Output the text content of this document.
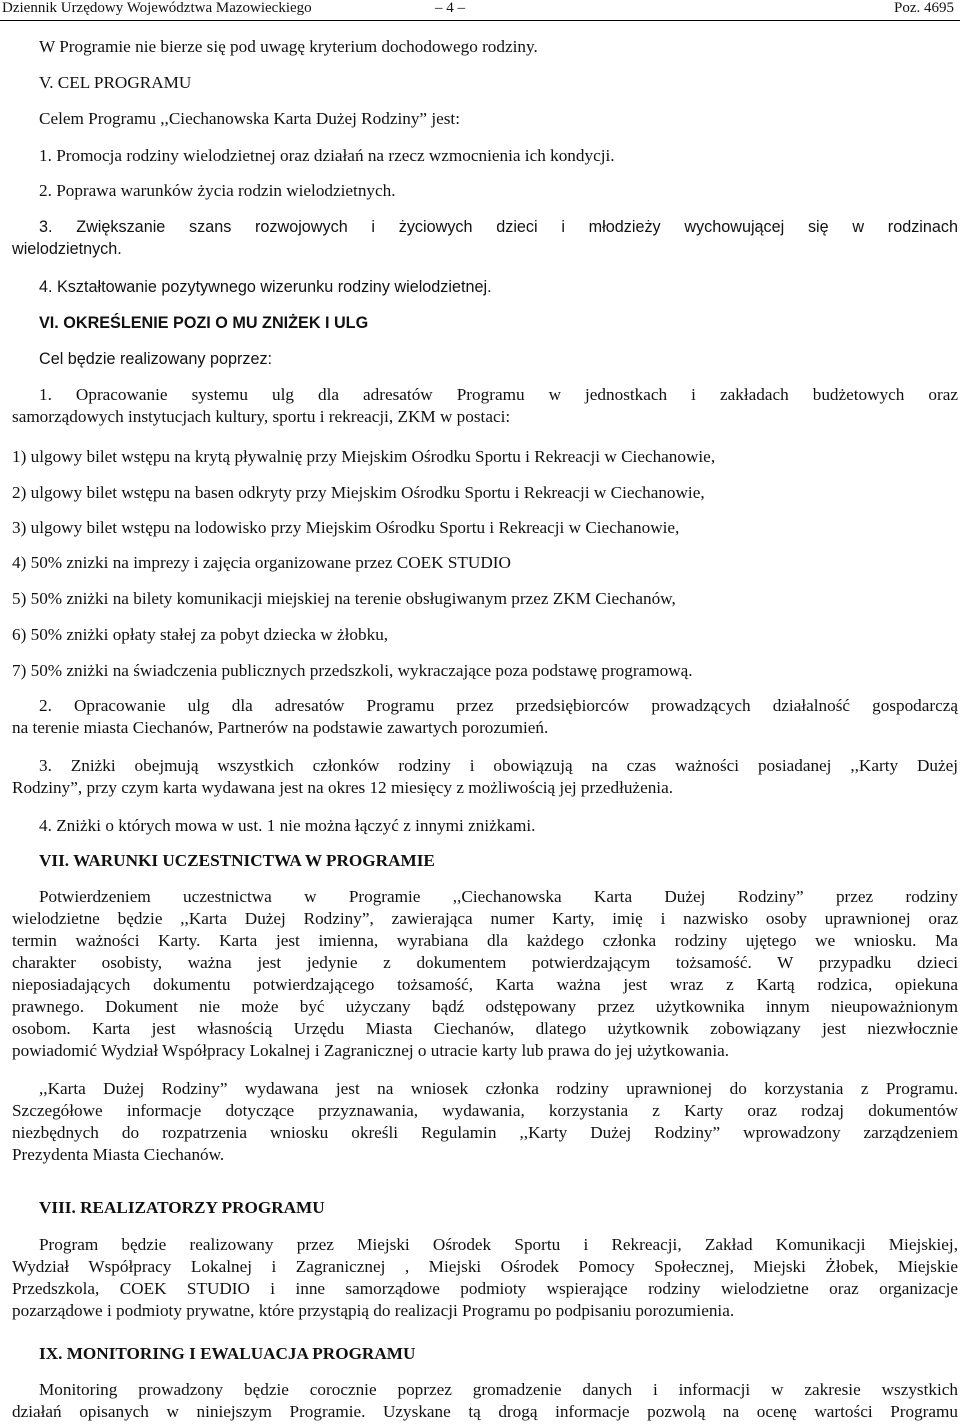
Dziennik Urzędowy Województwa Mazowieckiego	– 4 –	Poz. 4695

W Programie nie bierze się pod uwagę kryterium dochodowego rodziny.

V. CEL PROGRAMU

Celem Programu ,,Ciechanowska Karta Dużej Rodziny” jest:

1. Promocja rodziny wielodzietnej oraz działań na rzecz wzmocnienia ich kondycji.

2. Poprawa warunków życia rodzin wielodzietnych.

3. Zwiększanie szans rozwojowych i życiowych dzieci i młodzieży wychowującej się w rodzinach

wielodzietnych.

4. Kształtowanie pozytywnego wizerunku rodziny wielodzietnej.

VI. OKREŚLENIE POZI O MU ZNIŻEK I ULG

Cel będzie realizowany poprzez:

1. Opracowanie systemu ulg dla adresatów Programu w jednostkach i zakładach budżetowych oraz

samorządowych instytucjach kultury, sportu i rekreacji, ZKM w postaci:

1) ulgowy bilet wstępu na krytą pływalnię przy Miejskim Ośrodku Sportu i Rekreacji w Ciechanowie,

2) ulgowy bilet wstępu na basen odkryty przy Miejskim Ośrodku Sportu i Rekreacji w Ciechanowie,

3) ulgowy bilet wstępu na lodowisko przy Miejskim Ośrodku Sportu i Rekreacji w Ciechanowie,

4) 50% znizki na imprezy i zajęcia organizowane przez COEK STUDIO

5) 50% zniżki na bilety komunikacji miejskiej na terenie obsługiwanym przez ZKM Ciechanów,

6) 50% zniżki opłaty stałej za pobyt dziecka w żłobku,

7) 50% zniżki na świadczenia publicznych przedszkoli, wykraczające poza podstawę programową.

2. Opracowanie ulg dla adresatów Programu przez przedsiębiorców prowadzących działalność gospodarczą

na terenie miasta Ciechanów, Partnerów na podstawie zawartych porozumień.

3. Zniżki obejmują wszystkich członków rodziny i obowiązują na czas ważności posiadanej ,,Karty Dużej

Rodziny”, przy czym karta wydawana jest na okres 12 miesięcy z możliwością jej przedłużenia.

4. Zniżki o których mowa w ust. 1 nie można łączyć z innymi zniżkami.

VII. WARUNKI UCZESTNICTWA W PROGRAMIE

Potwierdzeniem uczestnictwa w Programie ,,Ciechanowska Karta Dużej Rodziny” przez rodziny

wielodzietne będzie ,,Karta Dużej Rodziny”, zawierająca numer Karty, imię i nazwisko osoby uprawnionej oraz

termin ważności Karty. Karta jest imienna, wyrabiana dla każdego członka rodziny ujętego we wniosku. Ma

charakter osobisty, ważna jest jedynie z dokumentem potwierdzającym tożsamość. W przypadku dzieci

nieposiadających dokumentu potwierdzającego tożsamość, Karta ważna jest wraz z Kartą rodzica, opiekuna

prawnego. Dokument nie może być użyczany bądź odstępowany przez użytkownika innym nieupoważnionym

osobom. Karta jest własnością Urzędu Miasta Ciechanów, dlatego użytkownik zobowiązany jest niezwłocznie

powiadomić Wydział Współpracy Lokalnej i Zagranicznej o utracie karty lub prawa do jej użytkowania.

,,Karta Dużej Rodziny” wydawana jest na wniosek członka rodziny uprawnionej do korzystania z Programu.

Szczegółowe informacje dotyczące przyznawania, wydawania, korzystania z Karty oraz rodzaj dokumentów

niezbędnych do rozpatrzenia wniosku określi Regulamin ,,Karty Dużej Rodziny” wprowadzony zarządzeniem

Prezydenta Miasta Ciechanów.

VIII. REALIZATORZY PROGRAMU

Program będzie realizowany przez Miejski Ośrodek Sportu i Rekreacji, Zakład Komunikacji Miejskiej,

Wydział Współpracy Lokalnej i Zagranicznej , Miejski Ośrodek Pomocy Społecznej, Miejski Żłobek, Miejskie

Przedszkola, COEK STUDIO i inne samorządowe podmioty wspierające rodziny wielodzietne oraz organizacje

pozarządowe i podmioty prywatne, które przystąpią do realizacji Programu po podpisaniu porozumienia.

IX. MONITORING I EWALUACJA PROGRAMU

Monitoring prowadzony będzie corocznie poprzez gromadzenie danych i informacji w zakresie wszystkich

działań opisanych w niniejszym Programie. Uzyskane tą drogą informacje pozwolą na ocenę wartości Programu
